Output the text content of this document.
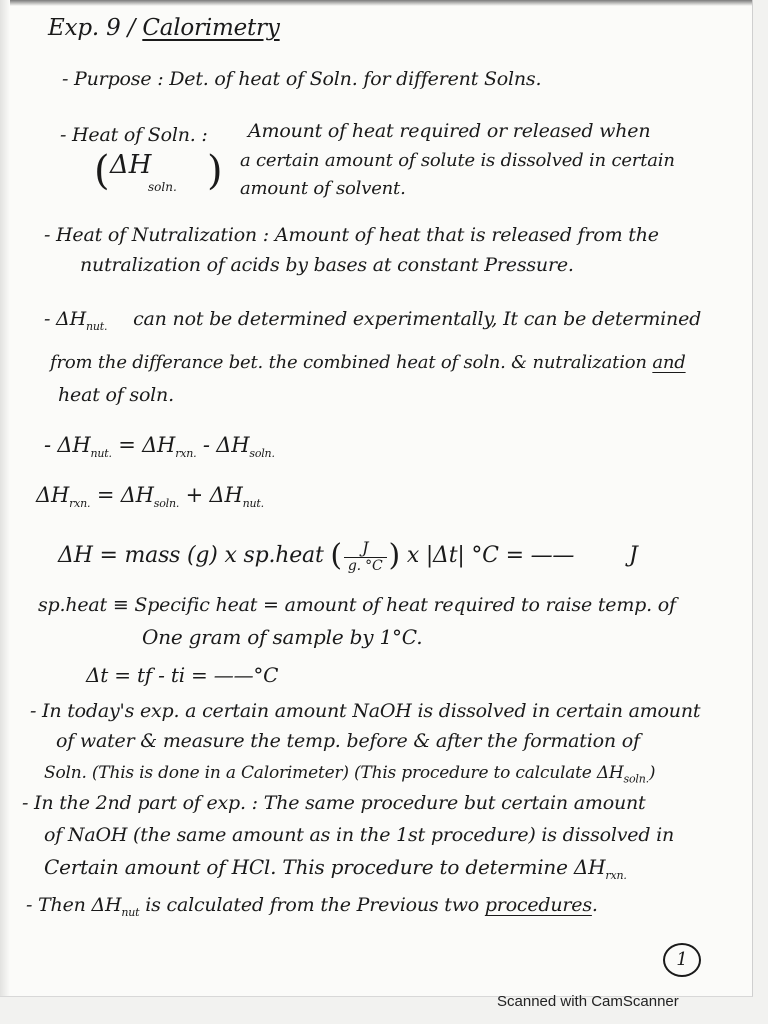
Exp. 9 / Calorimetry
- Purpose : Det. of heat of Soln. for different Solns.
- Heat of Soln. : Amount of heat required or released when
a certain amount of solute is dissolved in certain
amount of solvent.
( ΔH
soln. )
- Heat of Nutralization : Amount of heat that is released from the
nutralization of acids by bases at constant Pressure.
- $\Delta H_{nut.}$ can not be determined experimentally, It can be determined
from the differance bet. the combined heat of soln. & nutralization and
heat of soln.
- $\Delta H_{nut.} = \Delta H_{rxn.} - \Delta H_{soln.}$
$\Delta H_{rxn.} = \Delta H_{soln.} + \Delta H_{nut.}$
ΔH = mass (g) x sp.heat ( $\frac{J}{g. ^\circ C}$ ) x |Δt| °C = —— J
sp.heat ≡ Specific heat = amount of heat required to raise temp. of
One gram of sample by 1°C.
Δt = tf - ti = ——°C
- In today's exp. a certain amount NaOH is dissolved in certain amount
of water & measure the temp. before & after the formation of
Soln. (This is done in a Calorimeter) (This procedure to calculate $\Delta H_{soln.}$)
- In the 2nd part of exp. : The same procedure but certain amount
of NaOH (the same amount as in the 1st procedure) is dissolved in
Certain amount of HCl. This procedure to determine $\Delta H_{rxn.}$
- Then $\Delta H_{nut}$ is calculated from the Previous two procedures.
1
Scanned with CamScanner
